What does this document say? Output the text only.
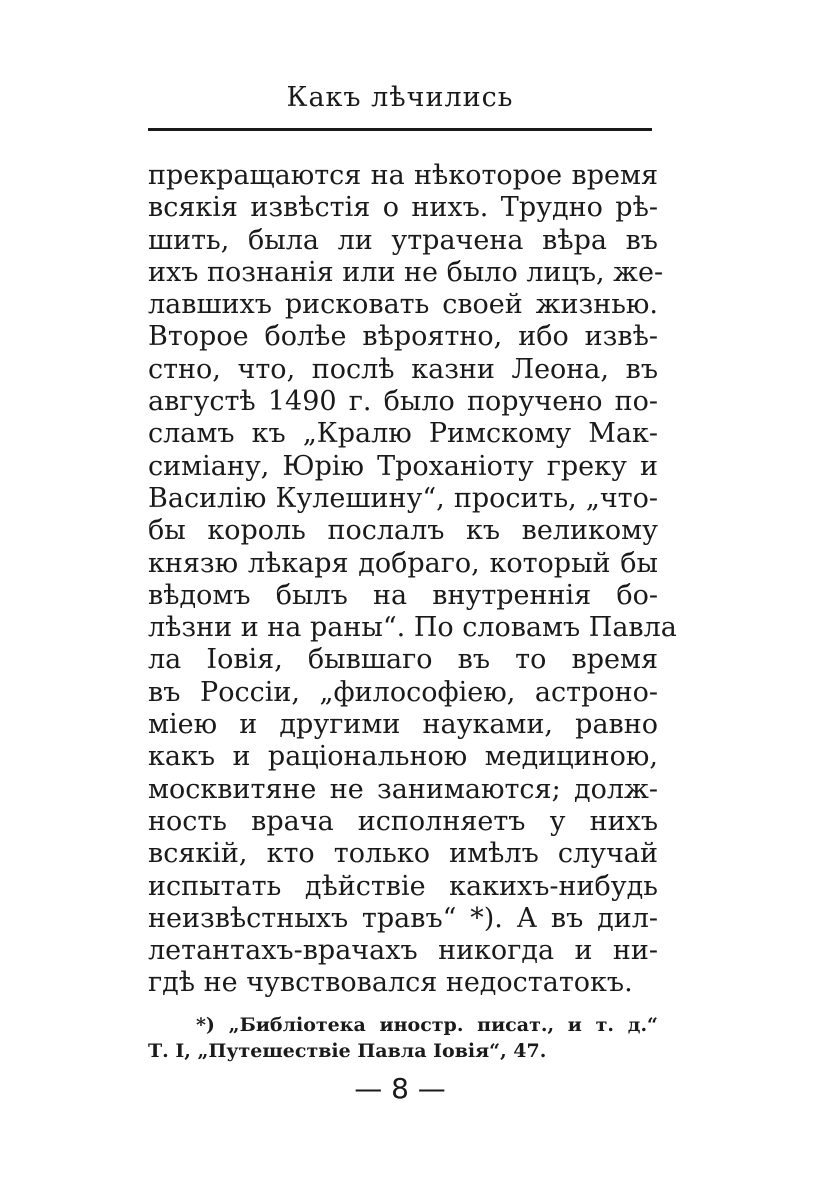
Какъ лѣчились
прекращаются на нѣкоторое время
всякія извѣстія о нихъ. Трудно рѣ-
шить, была ли утрачена вѣра въ
ихъ познанія или не было лицъ, же-
лавшихъ рисковать своей жизнью.
Второе болѣе вѣроятно, ибо извѣ-
стно, что, послѣ казни Леона, въ
августѣ 1490 г. было поручено по-
сламъ къ „Кралю Римскому Мак-
симіану, Юрію Трохaніоту греку и
Василію Кулешину“, просить, „что-
бы король послалъ къ великому
князю лѣкаря добраго, который бы
вѣдомъ былъ на внутреннія бо-
лѣзни и на раны“. По словамъ Павла
ла Іовія, бывшаго въ то время
въ Россіи, „философіею, астроно-
міею и другими науками, равно
какъ и раціональною медициною,
москвитяне не занимаются; долж-
ность врача исполняетъ у нихъ
всякій, кто только имѣлъ случай
испытать дѣйствіе какихъ-нибудь
неизвѣстныхъ травъ“ *). А въ дил-
летантахъ-врачахъ никогда и ни-
гдѣ не чувствовался недостатокъ.
*) „Библіотека иностр. писат., и т. д.“
Т. I, „Путешествіе Павла Іовія“, 47.
— 8 —
